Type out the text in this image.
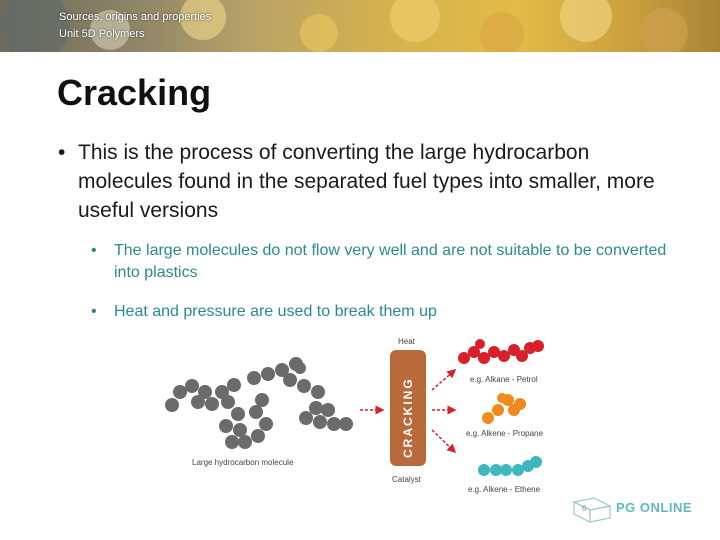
Sources, origins and properties
Unit 5D Polymers
Cracking
• This is the process of converting the large hydrocarbon molecules found in the separated fuel types into smaller, more useful versions
•	The large molecules do not flow very well and are not suitable to be converted into plastics
•	Heat and pressure are used to break them up
Large hydrocarbon molecule
Heat
CRACKING
Catalyst
e.g. Alkane - Petrol
e.g. Alkene - Propane
e.g. Alkene - Ethene
6 PG ONLINE
